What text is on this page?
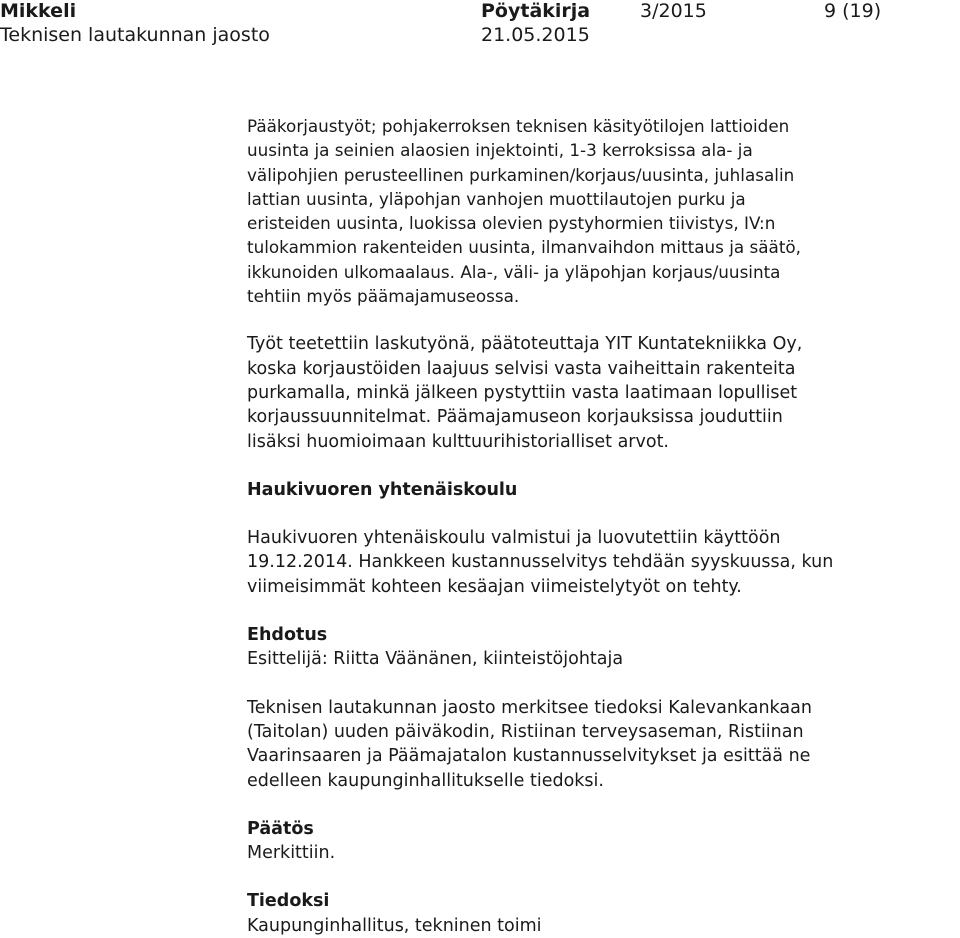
Mikkeli
Teknisen lautakunnan jaosto
Pöytäkirja	3/2015	9 (19)
21.05.2015

Pääkorjaustyöt; pohjakerroksen teknisen käsityötilojen lattioiden
uusinta ja seinien alaosien injektointi, 1-3 kerroksissa ala- ja
välipohjien perusteellinen purkaminen/korjaus/uusinta, juhlasalin
lattian uusinta, yläpohjan vanhojen muottilautojen purku ja
eristeiden uusinta, luokissa olevien pystyhormien tiivistys, IV:n
tulokammion rakenteiden uusinta, ilmanvaihdon mittaus ja säätö,
ikkunoiden ulkomaalaus. Ala-, väli- ja yläpohjan korjaus/uusinta
tehtiin myös päämajamuseossa.

Työt teetettiin laskutyönä, päätoteuttaja YIT Kuntatekniikka Oy,
koska korjaustöiden laajuus selvisi vasta vaiheittain rakenteita
purkamalla, minkä jälkeen pystyttiin vasta laatimaan lopulliset
korjaussuunnitelmat. Päämajamuseon korjauksissa jouduttiin
lisäksi huomioimaan kulttuurihistorialliset arvot.

Haukivuoren yhtenäiskoulu

Haukivuoren yhtenäiskoulu valmistui ja luovutettiin käyttöön
19.12.2014. Hankkeen kustannusselvitys tehdään syyskuussa, kun
viimeisimmät kohteen kesäajan viimeistelytyöt on tehty.

Ehdotus

Esittelijä: Riitta Väänänen, kiinteistöjohtaja

Teknisen lautakunnan jaosto merkitsee tiedoksi Kalevankankaan
(Taitolan) uuden päiväkodin, Ristiinan terveysaseman, Ristiinan
Vaarinsaaren ja Päämajatalon kustannusselvitykset ja esittää ne
edelleen kaupunginhallitukselle tiedoksi.

Päätös

Merkittiin.

Tiedoksi

Kaupunginhallitus, tekninen toimi
